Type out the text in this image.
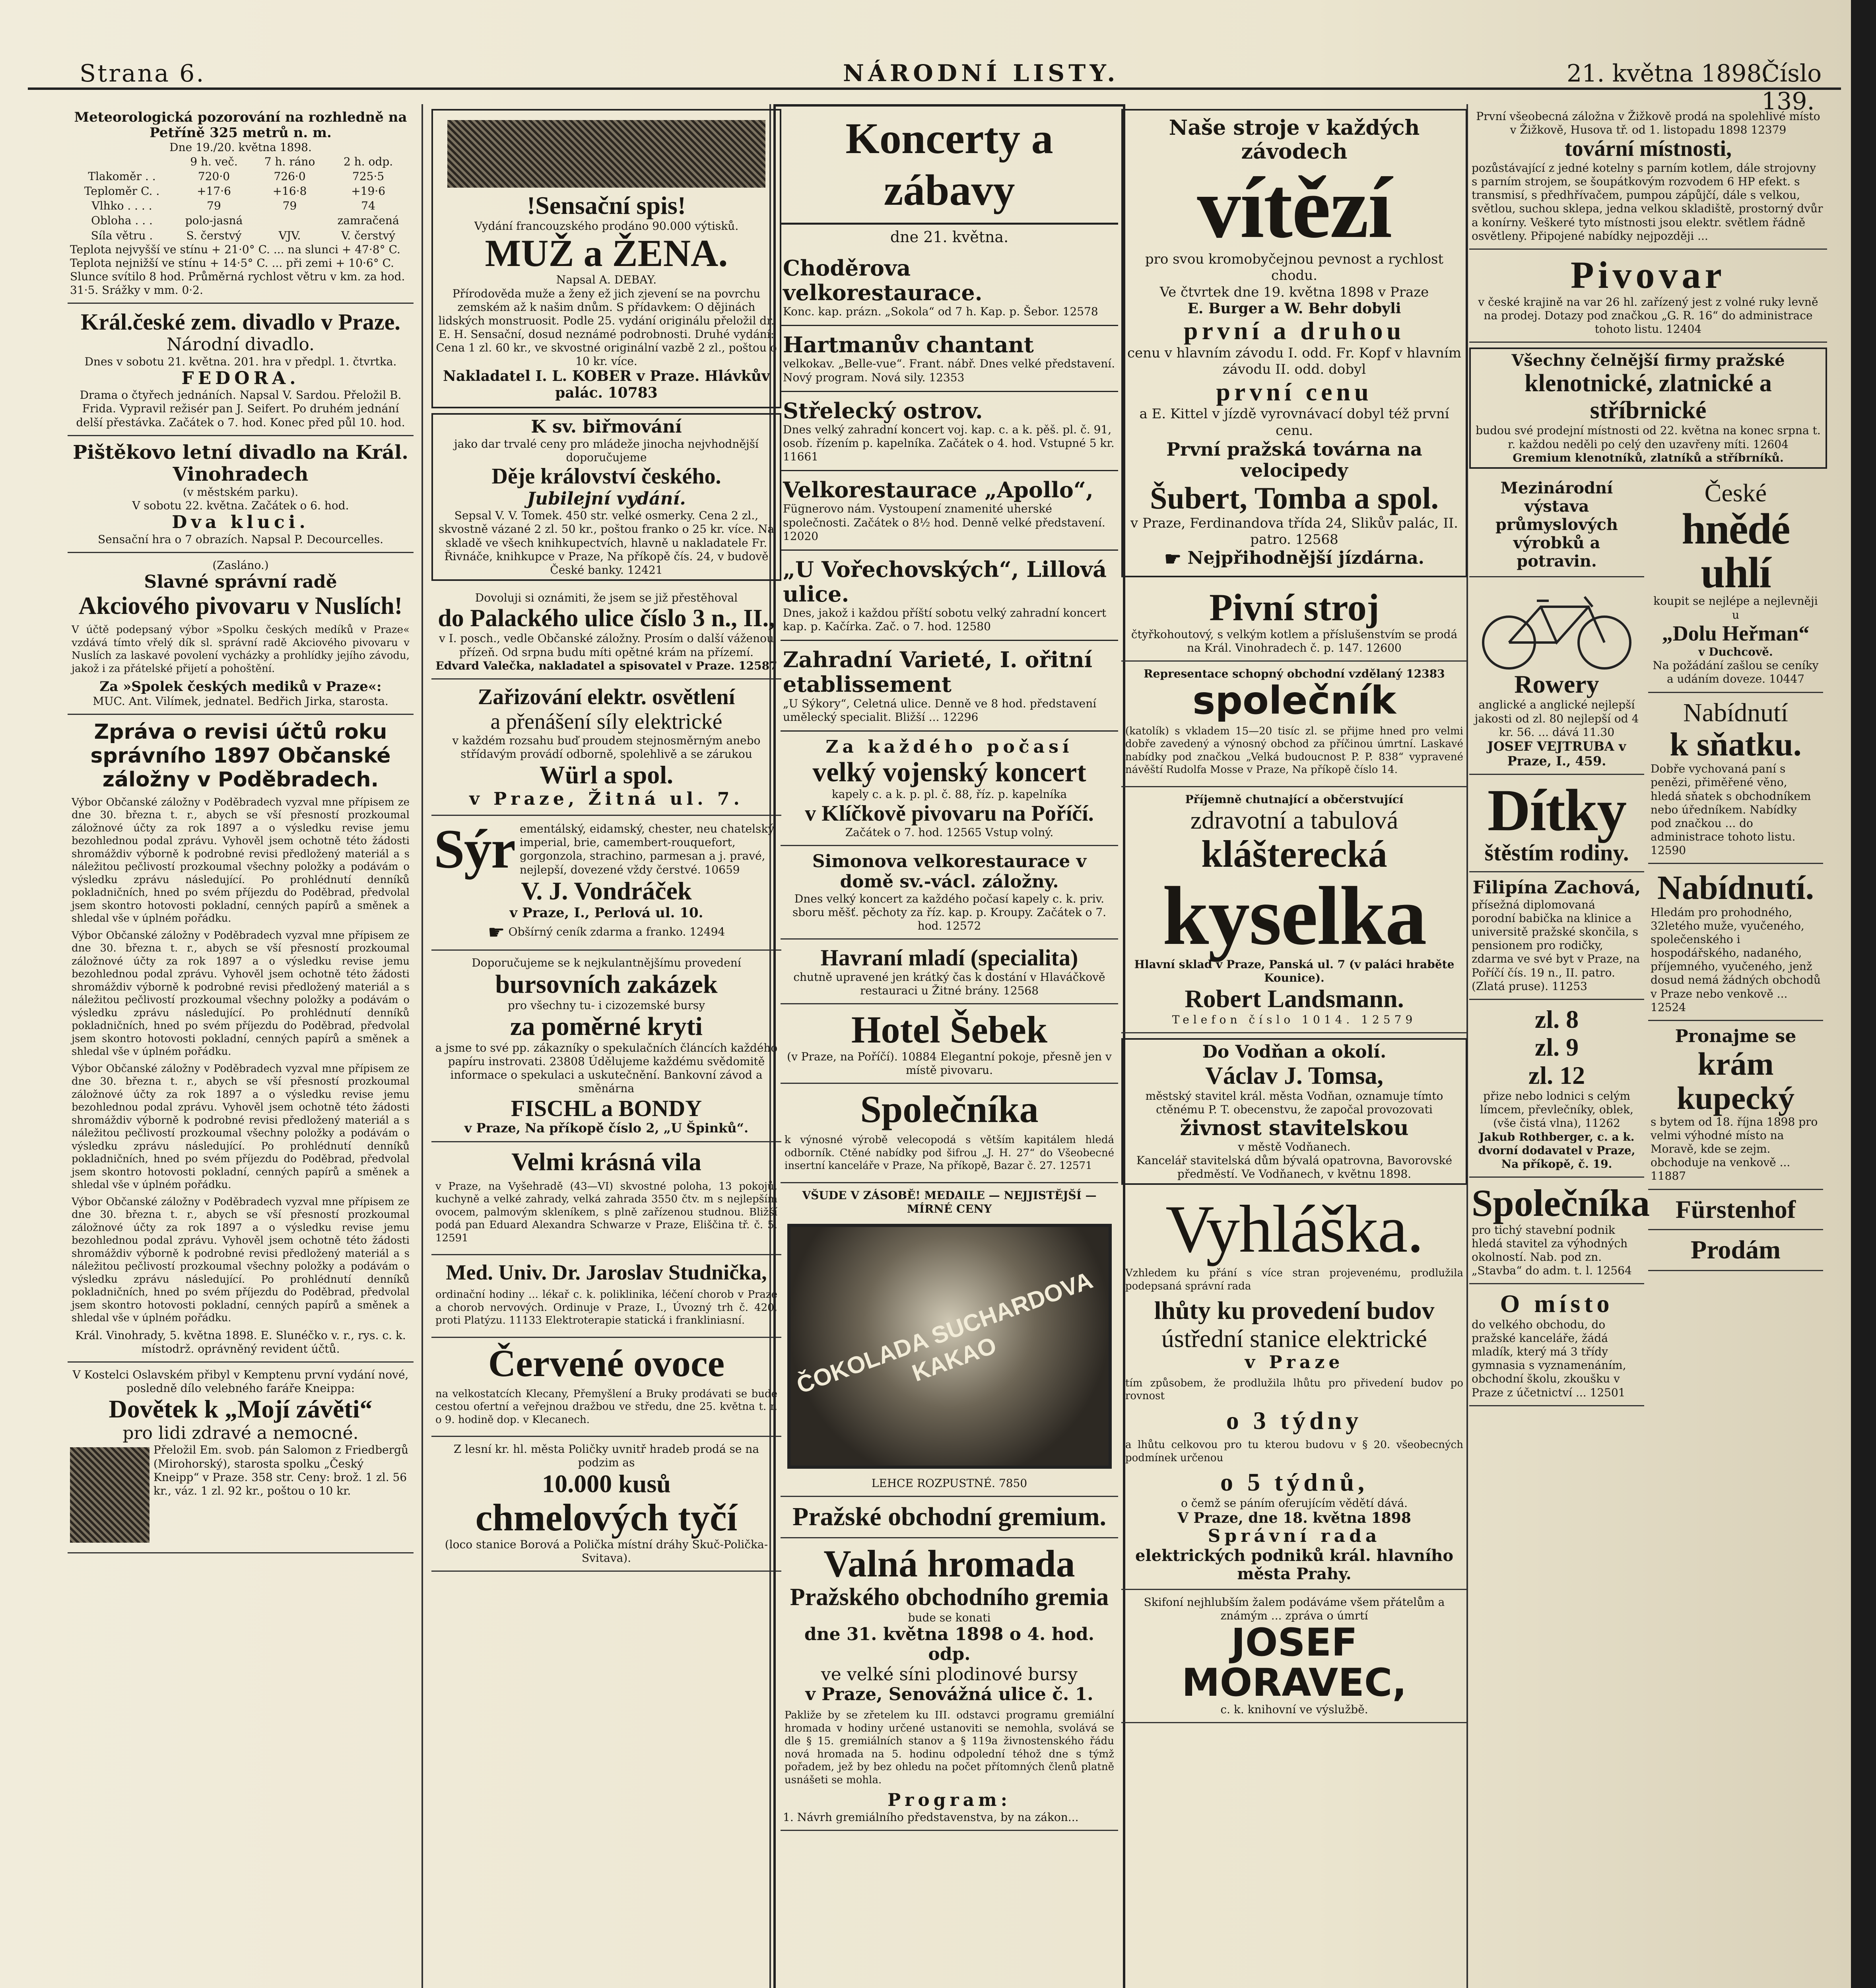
Strana 6.	NÁRODNÍ LISTY.	21. května 1898.
Číslo 139.
Meteorologická pozorování na rozhledně na Petříně 325 metrů n. m.
Dne 19./20. května 1898.
	9 h. več.	7 h. ráno	2 h. odp.
Tlakoměr . .	720·0	726·0	725·5
Teploměr C. .	+17·6	+16·8	+19·6
Vlhko . . . .	79	79	74
Obloha . . .	polo-jasná		zamračená
Síla větru .	S. čerstvý	VJV.	V. čerstvý
Teplota nejvyšší ve stínu + 21·0° C. ... na slunci + 47·8° C. Teplota nejnižší ve stínu + 14·5° C. ... při zemi + 10·6° C. Slunce svítilo 8 hod. Průměrná rychlost větru v km. za hod. 31·5. Srážky v mm. 0·2.
Král.české zem. divadlo v Praze.
Národní divadlo.
Dnes v sobotu 21. května. 201. hra v předpl. 1. čtvrtka.
FEDORA.
Drama o čtyřech jednáních. Napsal V. Sardou. Přeložil B. Frida. Vypravil režisér pan J. Seifert. Po druhém jednání delší přestávka. Začátek o 7. hod. Konec před půl 10. hod.
Pištěkovo letní divadlo na Král. Vinohradech
(v městském parku).
V sobotu 22. května. Začátek o 6. hod.
Dva kluci.
Sensační hra o 7 obrazích. Napsal P. Decourcelles.
(Zasláno.)
Slavné správní radě
Akciového pivovaru v Nuslích!
V účtě podepsaný výbor »Spolku českých medíků v Praze« vzdává tímto vřelý dík sl. správní radě Akciového pivovaru v Nuslích za laskavé povolení vycházky a prohlídky jejího závodu, jakož i za přátelské přijetí a pohoštění.
Za »Spolek českých mediků v Praze«:
MUC. Ant. Vilímek, jednatel. Bedřich Jirka, starosta.
Zpráva o revisi účtů roku správního 1897 Občanské záložny v Poděbradech.
Výbor Občanské záložny v Poděbradech vyzval mne přípisem ze dne 30. března t. r., abych se vší přesností prozkoumal záložnové účty za rok 1897 a o výsledku revise jemu bezohlednou podal zprávu. Vyhověl jsem ochotně této žádosti shromáždiv výborně k podrobné revisi předložený materiál a s náležitou pečlivostí prozkoumal všechny položky a podávám o výsledku zprávu následující. Po prohlédnutí denníků pokladničních, hned po svém příjezdu do Poděbrad, předvolal jsem skontro hotovosti pokladní, cenných papírů a směnek a shledal vše v úplném pořádku.
Výbor Občanské záložny v Poděbradech vyzval mne přípisem ze dne 30. března t. r., abych se vší přesností prozkoumal záložnové účty za rok 1897 a o výsledku revise jemu bezohlednou podal zprávu. Vyhověl jsem ochotně této žádosti shromáždiv výborně k podrobné revisi předložený materiál a s náležitou pečlivostí prozkoumal všechny položky a podávám o výsledku zprávu následující. Po prohlédnutí denníků pokladničních, hned po svém příjezdu do Poděbrad, předvolal jsem skontro hotovosti pokladní, cenných papírů a směnek a shledal vše v úplném pořádku.
Výbor Občanské záložny v Poděbradech vyzval mne přípisem ze dne 30. března t. r., abych se vší přesností prozkoumal záložnové účty za rok 1897 a o výsledku revise jemu bezohlednou podal zprávu. Vyhověl jsem ochotně této žádosti shromáždiv výborně k podrobné revisi předložený materiál a s náležitou pečlivostí prozkoumal všechny položky a podávám o výsledku zprávu následující. Po prohlédnutí denníků pokladničních, hned po svém příjezdu do Poděbrad, předvolal jsem skontro hotovosti pokladní, cenných papírů a směnek a shledal vše v úplném pořádku.
Výbor Občanské záložny v Poděbradech vyzval mne přípisem ze dne 30. března t. r., abych se vší přesností prozkoumal záložnové účty za rok 1897 a o výsledku revise jemu bezohlednou podal zprávu. Vyhověl jsem ochotně této žádosti shromáždiv výborně k podrobné revisi předložený materiál a s náležitou pečlivostí prozkoumal všechny položky a podávám o výsledku zprávu následující. Po prohlédnutí denníků pokladničních, hned po svém příjezdu do Poděbrad, předvolal jsem skontro hotovosti pokladní, cenných papírů a směnek a shledal vše v úplném pořádku.
Král. Vinohrady, 5. května 1898. E. Slunéčko v. r., rys. c. k. místodrž. oprávněný revident účtů.
V Kostelci Oslavském přibyl v Kemptenu první vydání nové, posledně dílo velebného faráře Kneippa:
Dovětek k „Mojí závěti“
pro lidi zdravé a nemocné.
Přeložil Em. svob. pán Salomon z Friedbergů (Mirohorský), starosta spolku „Český Kneipp“ v Praze. 358 str. Ceny: brož. 1 zl. 56 kr., váz. 1 zl. 92 kr., poštou o 10 kr.
!Sensační spis!
Vydání francouzského prodáno 90.000 výtisků.
MUŽ a ŽENA.
Napsal A. DEBAY.
Přírodověda muže a ženy ež jich zjevení se na povrchu zemském až k našim dnům. S přídavkem: O dějinách lidských monstruosit. Podle 25. vydání originálu přeložil dr. E. H. Sensační, dosud neznámé podrobnosti. Druhé vydání: Cena 1 zl. 60 kr., ve skvostné originální vazbě 2 zl., poštou o 10 kr. více.
Nakladatel I. L. KOBER v Praze. Hlávkův palác. 10783
K sv. biřmování
jako dar trvalé ceny pro mládeže jinocha nejvhodnější doporučujeme
Děje království českého.
Jubilejní vydání.
Sepsal V. V. Tomek. 450 str. velké osmerky. Cena 2 zl., skvostně vázané 2 zl. 50 kr., poštou franko o 25 kr. více. Na skladě ve všech knihkupectvích, hlavně u nakladatele Fr. Řivnáče, knihkupce v Praze, Na příkopě čís. 24, v budově České banky. 12421
Dovoluji si oznámiti, že jsem se již přestěhoval
do Palackého ulice číslo 3 n., II.,
v I. posch., vedle Občanské záložny. Prosím o další váženou přízeň. Od srpna budu míti opětné krám na přízemí.
Edvard Valečka, nakladatel a spisovatel v Praze. 12587
Zařizování elektr. osvětlení
a přenášení síly elektrické
v každém rozsahu buď proudem stejnosměrným anebo střídavým provádí odborně, spolehlivě a se zárukou
Würl a spol.
v Praze, Žitná ul. 7.
Sýr ementálský, eidamský, chester, neu chatelský, imperial, brie, camembert-rouquefort, gorgonzola, strachino, parmesan a j. pravé, nejlepší, dovezené vždy čerstvé. 10659
V. J. Vondráček
v Praze, I., Perlová ul. 10.
☛ Obšírný ceník zdarma a franko. 12494
Doporučujeme se k nejkulantnějšímu provedení
bursovních zakázek
pro všechny tu- i cizozemské bursy
za poměrné kryti
a jsme to své pp. zákazníky o spekulačních článcích každého papíru instrovati. 23808 Údělujeme každému svědomitě informace o spekulaci a uskutečnění. Bankovní závod a směnárna
FISCHL a BONDY
v Praze, Na příkopě číslo 2, „U Špinků“.
Velmi krásná vila
v Praze, na Vyšehradě (43—VI) skvostné poloha, 13 pokojů, kuchyně a velké zahrady, velká zahrada 3550 čtv. m s nejlepším ovocem, palmovým skleníkem, s plně zařízenou studnou. Bližší podá pan Eduard Alexandra Schwarze v Praze, Eliščina tř. č. 5. 12591
Med. Univ. Dr. Jaroslav Studnička,
ordinační hodiny ... lékař c. k. poliklinika, léčení chorob v Praze a chorob nervových. Ordinuje v Praze, I., Úvozný trh č. 420, proti Platýzu. 11133 Elektroterapie statická i frankliniasní.
Červené ovoce
na velkostatcích Klecany, Přemyšlení a Bruky prodávati se bude cestou ofertní a veřejnou dražbou ve středu, dne 25. května t. r. o 9. hodině dop. v Klecanech.
Z lesní kr. hl. města Poličky uvnitř hradeb prodá se na podzim as
10.000 kusů
chmelových tyčí
(loco stanice Borová a Polička místní dráhy Skuč-Polička-Svitava).
Koncerty a zábavy
dne 21. května.
Choděrova velkorestaurace.
Konc. kap. prázn. „Sokola“ od 7 h. Kap. p. Šebor. 12578
Hartmanův chantant
velkokav. „Belle-vue“. Frant. nábř. Dnes velké představení. Nový program. Nová sily. 12353
Střelecký ostrov.
Dnes velký zahradní koncert voj. kap. c. a k. pěš. pl. č. 91, osob. řízením p. kapelníka. Začátek o 4. hod. Vstupné 5 kr. 11661
Velkorestaurace „Apollo“,
Fügnerovo nám. Vystoupení znamenité uherské společnosti. Začátek o 8½ hod. Denně velké představení. 12020
„U Vořechovských“, Lillová ulice.
Dnes, jakož i každou příští sobotu velký zahradní koncert kap. p. Kačírka. Zač. o 7. hod. 12580
Zahradní Varieté, I. ořitní etablissement
„U Sýkory“, Celetná ulice. Denně ve 8 hod. představení umělecký specialit. Bližší ... 12296
Za každého počasí
velký vojenský koncert
kapely c. a k. p. pl. č. 88, říz. p. kapelníka
v Klíčkově pivovaru na Poříčí.
Začátek o 7. hod. 12565 Vstup volný.
Simonova velkorestaurace v domě sv.-václ. záložny.
Dnes velký koncert za každého počasí kapely c. k. priv. sboru měšť. pěchoty za říz. kap. p. Kroupy. Začátek o 7. hod. 12572
Havraní mladí (specialita)
chutně upravené jen krátký čas k dostání v Hlaváčkově restauraci u Žitné brány. 12568
Hotel Šebek
(v Praze, na Poříčí). 10884 Elegantní pokoje, přesně jen v místě pivovaru.
Společníka
k výnosné výrobě velecopodá s větším kapitálem hledá odborník. Ctěné nabídky pod šifrou „J. H. 27“ do Všeobecné insertní kanceláře v Praze, Na příkopě, Bazar č. 27. 12571
VŠUDE V ZÁSOBĚ! MEDAILE — NEJJISTĚJŠÍ — MÍRNÉ CENY
ČOKOLADA SUCHARDOVA KAKAO
LEHCE ROZPUSTNÉ. 7850
Pražské obchodní gremium.
Valná hromada
Pražského obchodního gremia
bude se konati
dne 31. května 1898 o 4. hod. odp.
ve velké síni plodinové bursy
v Praze, Senovážná ulice č. 1.
Pakliže by se zřetelem ku III. odstavci programu gremiální hromada v hodiny určené ustanoviti se nemohla, svolává se dle § 15. gremiálních stanov a § 119a živnostenského řádu nová hromada na 5. hodinu odpolední téhož dne s týmž pořadem, jež by bez ohledu na počet přítomných členů platně usnášeti se mohla.
Program:
1. Návrh gremiálního představenstva, by na zákon...
Naše stroje v každých závodech
vítězí
pro svou kromobyčejnou pevnost a rychlost chodu.
Ve čtvrtek dne 19. května 1898 v Praze
E. Burger a W. Behr dobyli
první a druhou
cenu v hlavním závodu I. odd. Fr. Kopf v hlavním závodu II. odd. dobyl
první cenu
a E. Kittel v jízdě vyrovnávací dobyl též první cenu.
První pražská továrna na velocipedy
Šubert, Tomba a spol.
v Praze, Ferdinandova třída 24, Slikův palác, II. patro. 12568
☛ Nejpřihodnější jízdárna.
Pivní stroj
čtyřkohoutový, s velkým kotlem a příslušenstvím se prodá na Král. Vinohradech č. p. 147. 12600
Representace schopný obchodní vzdělaný 12383
společník
(katolík) s vkladem 15—20 tisíc zl. se přijme hned pro velmi dobře zavedený a výnosný obchod za příčinou úmrtní. Laskavé nabídky pod značkou „Velká budoucnost P. P. 838“ vypravené návěští Rudolfa Mosse v Praze, Na příkopě číslo 14.
Příjemně chutnající a občerstvující
zdravotní a tabulová
klášterecká
kyselka
Hlavní sklad v Praze, Panská ul. 7 (v paláci hraběte Kounice).
Robert Landsmann.
Telefon číslo 1014. 12579
Do Vodňan a okolí.
Václav J. Tomsa,
městský stavitel král. města Vodňan, oznamuje tímto ctěnému P. T. obecenstvu, že započal provozovati
živnost stavitelskou
v městě Vodňanech.
Kancelář stavitelská dům bývalá opatrovna, Bavorovské předměstí. Ve Vodňanech, v květnu 1898.
Vyhláška.
Vzhledem ku přání s více stran projevenému, prodlužila podepsaná správní rada
lhůty ku provedení budov
ústřední stanice elektrické
v Praze
tím způsobem, že prodlužila lhůtu pro přivedení budov po rovnost
o 3 týdny
a lhůtu celkovou pro tu kterou budovu v § 20. všeobecných podmínek určenou
o 5 týdnů,
o čemž se páním oferujícím vědětí dává.
V Praze, dne 18. května 1898
Správní rada
elektrických podniků král. hlavního města Prahy.
Skifoní nejhlubším žalem podáváme všem přátelům a známým ... zpráva o úmrtí
JOSEF MORAVEC,
c. k. knihovní ve výslužbě.
První všeobecná záložna v Žižkově prodá na spolehlivé místo v Žižkově, Husova tř. od 1. listopadu 1898 12379
tovární místnosti,
pozůstávající z jedné kotelny s parním kotlem, dále strojovny s parním strojem, se šoupátkovým rozvodem 6 HP efekt. s transmisí, s předhřívačem, pumpou zápůjčí, dále s velkou, světlou, suchou sklepa, jedna velkou skladiště, prostorný dvůr a konírny. Veškeré tyto místnosti jsou elektr. světlem řádně osvětleny. Připojené nabídky nejpozději ...
Pivovar
v české krajině na var 26 hl. zařízený jest z volné ruky levně na prodej. Dotazy pod značkou „G. R. 16“ do administrace tohoto listu. 12404
Všechny čelnější firmy pražské
klenotnické, zlatnické a stříbrnické
budou své prodejní místnosti od 22. května na konec srpna t. r. každou neděli po celý den uzavřeny míti. 12604
Gremium klenotníků, zlatníků a stříbrníků.
Mezinárodní výstava průmyslových výrobků a potravin.
Rowery
anglické a anglické nejlepší jakosti od zl. 80 nejlepší od 4 kr. 56. ... dává 11.30
JOSEF VEJTRUBA v Praze, I., 459.
Dítky
štěstím rodiny.
Filipína Zachová,
přísežná diplomovaná porodní babička na klinice a universitě pražské skončila, s pensionem pro rodičky, zdarma ve své byt v Praze, na Poříčí čís. 19 n., II. patro. (Zlatá pruse). 11253
zl. 8
zl. 9
zl. 12
přize nebo lodnici s celým límcem, převlečníky, oblek, (vše čistá vlna), 11262
Jakub Rothberger, c. a k. dvorní dodavatel v Praze, Na příkopě, č. 19.
Společníka
pro tichý stavební podnik hledá stavitel za výhodných okolností. Nab. pod zn. „Stavba“ do adm. t. l. 12564
O místo
do velkého obchodu, do pražské kanceláře, žádá mladík, který má 3 třídy gymnasia s vyznamenáním, obchodní školu, zkoušku v Praze z účetnictví ... 12501
České
hnědé uhlí
koupit se nejlépe a nejlevněji u
„Dolu Heřman“
v Duchcově.
Na požádání zašlou se ceníky a udáním doveze. 10447
Nabídnutí
k sňatku.
Dobře vychovaná paní s penězi, přiměřené věno, hledá sňatek s obchodníkem nebo úředníkem. Nabídky pod značkou ... do administrace tohoto listu. 12590
Nabídnutí.
Hledám pro prohodného, 32letého muže, vyučeného, společenského i hospodářského, nadaného, příjemného, vyučeného, jenž dosud nemá žádných obchodů v Praze nebo venkově ... 12524
Pronajme se
krám kupecký
s bytem od 18. října 1898 pro velmi výhodné místo na Moravě, kde se zejm. obchoduje na venkově ... 11887
Fürstenhof
Prodám
